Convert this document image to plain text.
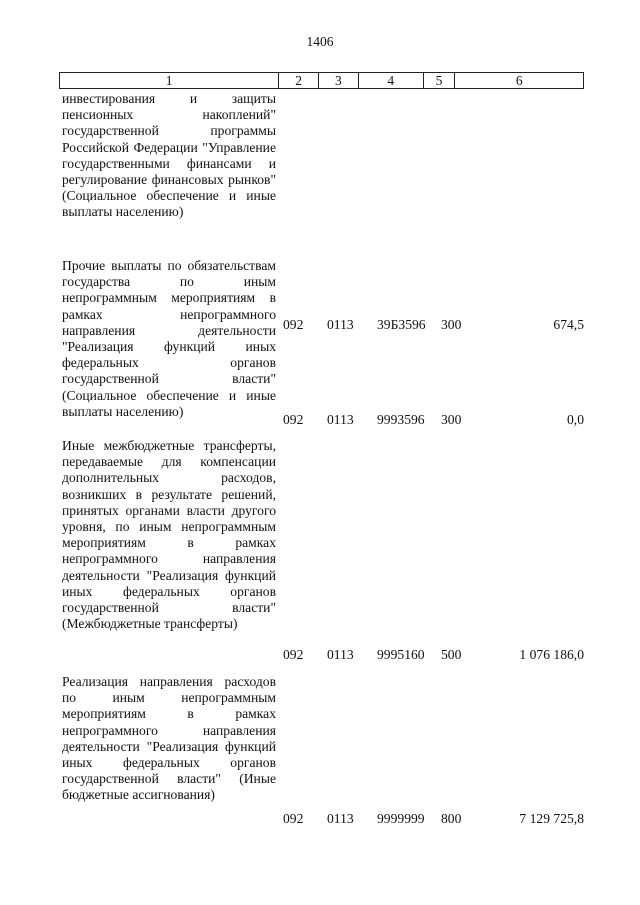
1406
1	2	3	4	5	6
инвестирования и защиты пенсионных накоплений" государственной программы Российской Федерации "Управление государственными финансами и регулирование финансовых рынков" (Социальное обеспечение и иные выплаты населению)
092 0113 39Б3596 300	674,5
Прочие выплаты по обязательствам государства по иным непрограммным мероприятиям в рамках непрограммного направления деятельности "Реализация функций иных федеральных органов государственной власти" (Социальное обеспечение и иные выплаты населению)
092 0113 9993596 300	0,0
Иные межбюджетные трансферты, передаваемые для компенсации дополнительных расходов, возникших в результате решений, принятых органами власти другого уровня, по иным непрограммным мероприятиям в рамках непрограммного направления деятельности "Реализация функций иных федеральных органов государственной власти" (Межбюджетные трансферты)
092 0113 9995160 500	1 076 186,0
Реализация направления расходов по иным непрограммным мероприятиям в рамках непрограммного направления деятельности "Реализация функций иных федеральных органов государственной власти" (Иные бюджетные ассигнования)
092 0113 9999999 800	7 129 725,8
